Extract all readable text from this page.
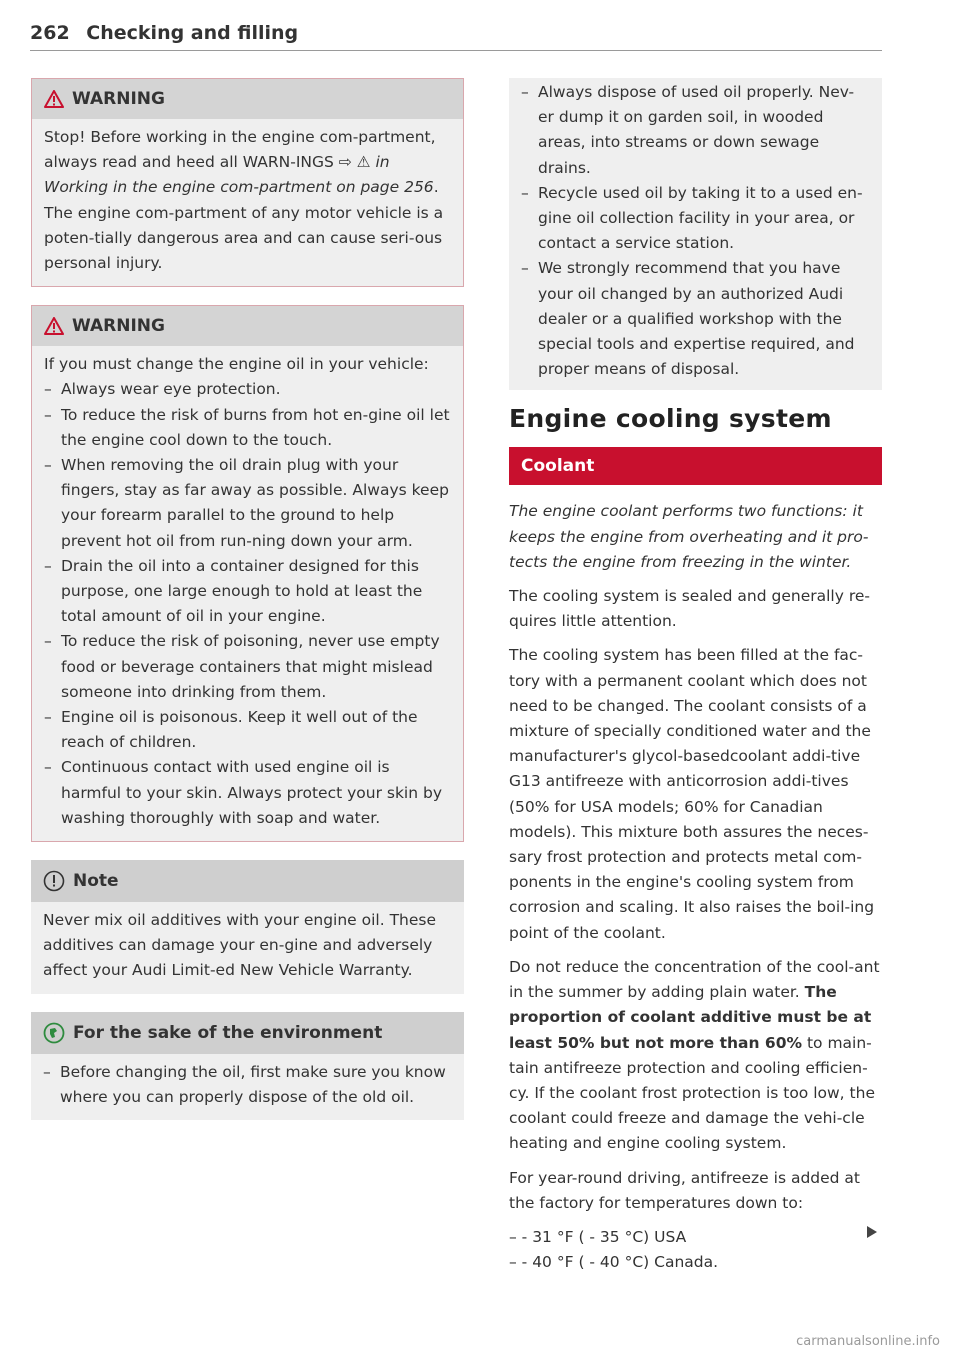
262 Checking and filling
WARNING

Stop! Before working in the engine com-partment, always read and heed all WARN-INGS ⇨ ⚠ in Working in the engine com-partment on page 256. The engine com-partment of any motor vehicle is a poten-tially dangerous area and can cause seri-ous personal injury.

WARNING

If you must change the engine oil in your vehicle:

– Always wear eye protection.
– To reduce the risk of burns from hot en-gine oil let the engine cool down to the touch.
– When removing the oil drain plug with your fingers, stay as far away as possible. Always keep your forearm parallel to the ground to help prevent hot oil from run-ning down your arm.
– Drain the oil into a container designed for this purpose, one large enough to hold at least the total amount of oil in your engine.
– To reduce the risk of poisoning, never use empty food or beverage containers that might mislead someone into drinking from them.
– Engine oil is poisonous. Keep it well out of the reach of children.
– Continuous contact with used engine oil is harmful to your skin. Always protect your skin by washing thoroughly with soap and water.
Note

Never mix oil additives with your engine oil. These additives can damage your en-gine and adversely affect your Audi Limit-ed New Vehicle Warranty.

For the sake of the environment
– Before changing the oil, first make sure you know where you can properly dispose of the old oil.
– Always dispose of used oil properly. Nev-er dump it on garden soil, in wooded areas, into streams or down sewage drains.
– Recycle used oil by taking it to a used en-gine oil collection facility in your area, or contact a service station.
– We strongly recommend that you have your oil changed by an authorized Audi dealer or a qualified workshop with the special tools and expertise required, and proper means of disposal.
Engine cooling system
Coolant

The engine coolant performs two functions: it keeps the engine from overheating and it pro-tects the engine from freezing in the winter.

The cooling system is sealed and generally re-quires little attention.

The cooling system has been filled at the fac-tory with a permanent coolant which does not need to be changed. The coolant consists of a mixture of specially conditioned water and the manufacturer's glycol-basedcoolant addi-tive G13 antifreeze with anticorrosion addi-tives (50% for USA models; 60% for Canadian models). This mixture both assures the neces-sary frost protection and protects metal com-ponents in the engine's cooling system from corrosion and scaling. It also raises the boil-ing point of the coolant.

Do not reduce the concentration of the cool-ant in the summer by adding plain water. The proportion of coolant additive must be at least 50% but not more than 60% to main-tain antifreeze protection and cooling efficien-cy. If the coolant frost protection is too low, the coolant could freeze and damage the vehi-cle heating and engine cooling system.

For year-round driving, antifreeze is added at the factory for temperatures down to:

– - 31 °F ( - 35 °C) USA
– - 40 °F ( - 40 °C) Canada.
carmanualsonline.info
